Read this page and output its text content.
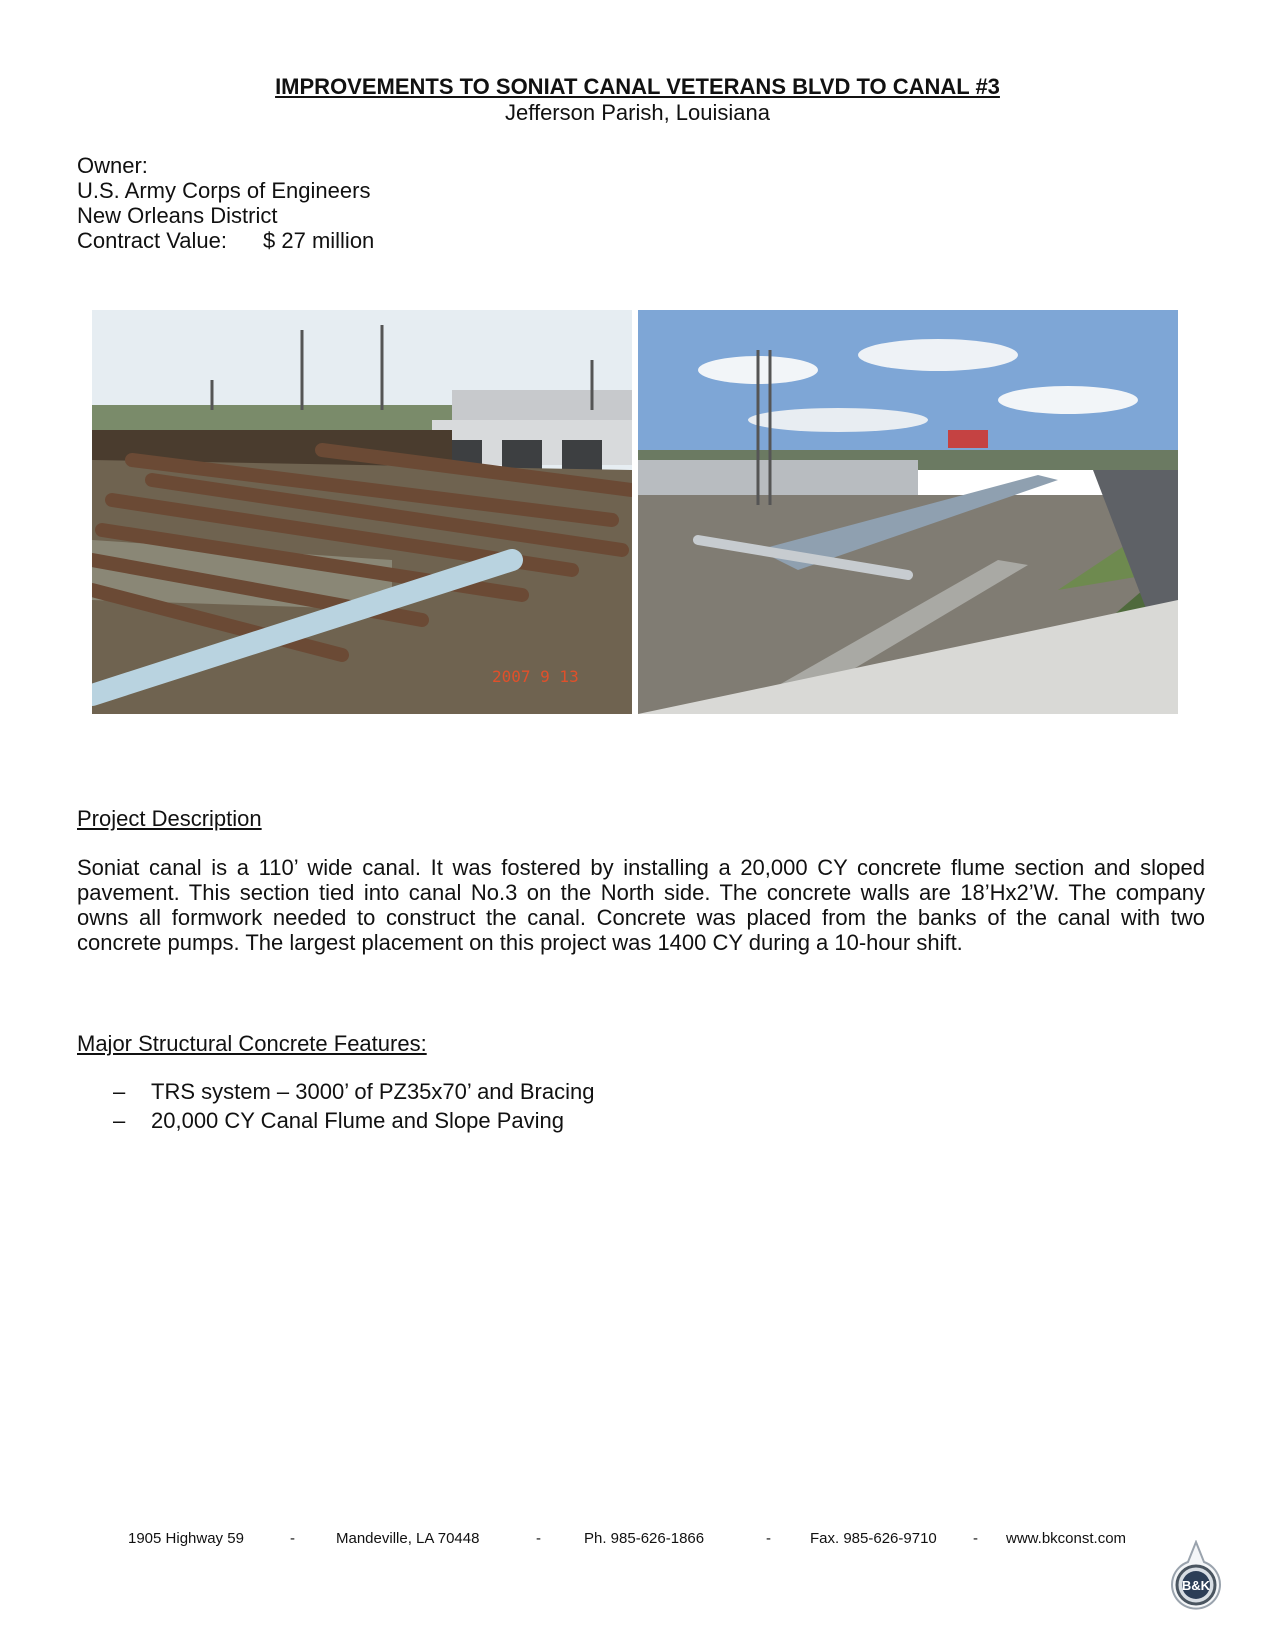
IMPROVEMENTS TO SONIAT CANAL VETERANS BLVD TO CANAL #3
Jefferson Parish, Louisiana
Owner:
U.S. Army Corps of Engineers
New Orleans District
Contract Value: $ 27 million
2007 9 13
Project Description
Soniat canal is a 110’ wide canal. It was fostered by installing a 20,000 CY concrete flume section and sloped pavement. This section tied into canal No.3 on the North side. The concrete walls are 18’Hx2’W. The company owns all formwork needed to construct the canal. Concrete was placed from the banks of the canal with two concrete pumps. The largest placement on this project was 1400 CY during a 10-hour shift.
Major Structural Concrete Features:
–	TRS system – 3000’ of PZ35x70’ and Bracing
–	20,000 CY Canal Flume and Slope Paving
1905 Highway 59	-	Mandeville, LA 70448	-	Ph. 985-626-1866	-	Fax. 985-626-9710 - www.bkconst.com
B&K
